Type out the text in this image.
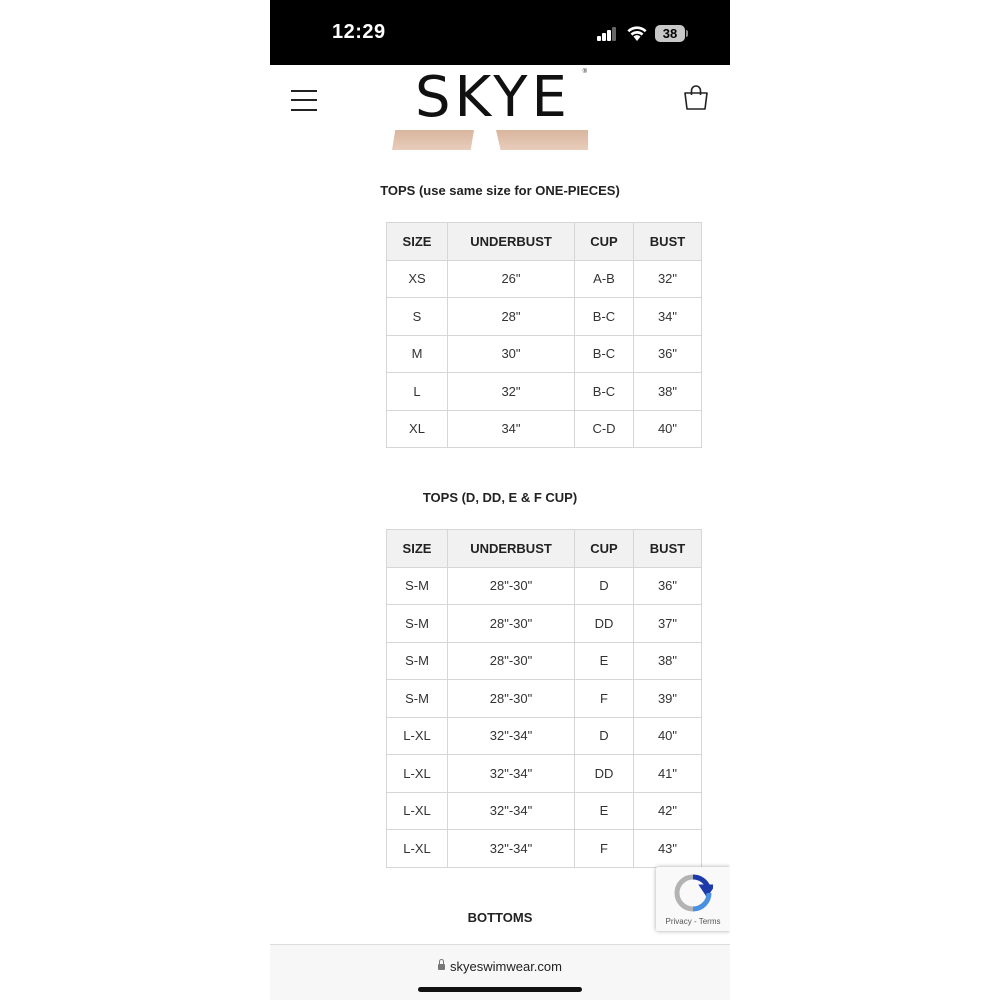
12:29	38
SKYE ®
TOPS (use same size for ONE-PIECES)
SIZE	UNDERBUST	CUP	BUST
XS	26"	A-B	32"
S	28"	B-C	34"
M	30"	B-C	36"
L	32"	B-C	38"
XL	34"	C-D	40"
TOPS (D, DD, E & F CUP)
SIZE	UNDERBUST	CUP	BUST
S-M	28"-30"	D	36"
S-M	28"-30"	DD	37"
S-M	28"-30"	E	38"
S-M	28"-30"	F	39"
L-XL	32"-34"	D	40"
L-XL	32"-34"	DD	41"
L-XL	32"-34"	E	42"
L-XL	32"-34"	F	43"
BOTTOMS	Privacy - Terms
skyeswimwear.com
